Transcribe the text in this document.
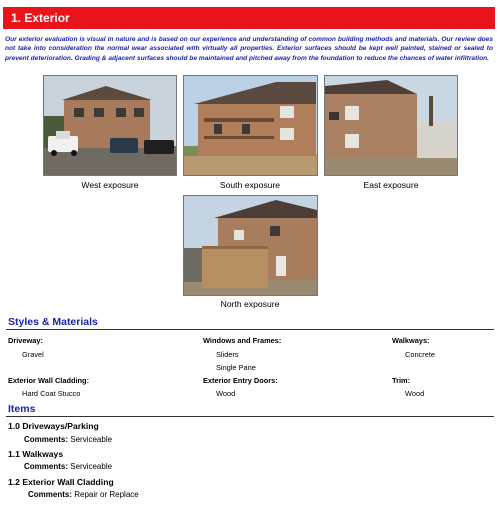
1. Exterior
Our exterior evaluation is visual in nature and is based on our experience and understanding of common building methods and materials. Our review does not take into consideration the normal wear associated with virtually all properties. Exterior surfaces should be kept well painted, stained or sealed to prevent deterioration. Grading & adjacent surfaces should be maintained and pitched away from the foundation to reduce the chances of water infiltration.
West exposure	South exposure	East exposure
North exposure
Styles & Materials
Driveway:
Gravel
Windows and Frames:
Sliders
Single Pane
Walkways:
Concrete
Exterior Wall Cladding:
Hard Coat Stucco
Exterior Entry Doors:
Wood
Trim:
Wood
Items
1.0 Driveways/Parking
Comments: Serviceable
1.1 Walkways
Comments: Serviceable
1.2 Exterior Wall Cladding
Comments: Repair or Replace
